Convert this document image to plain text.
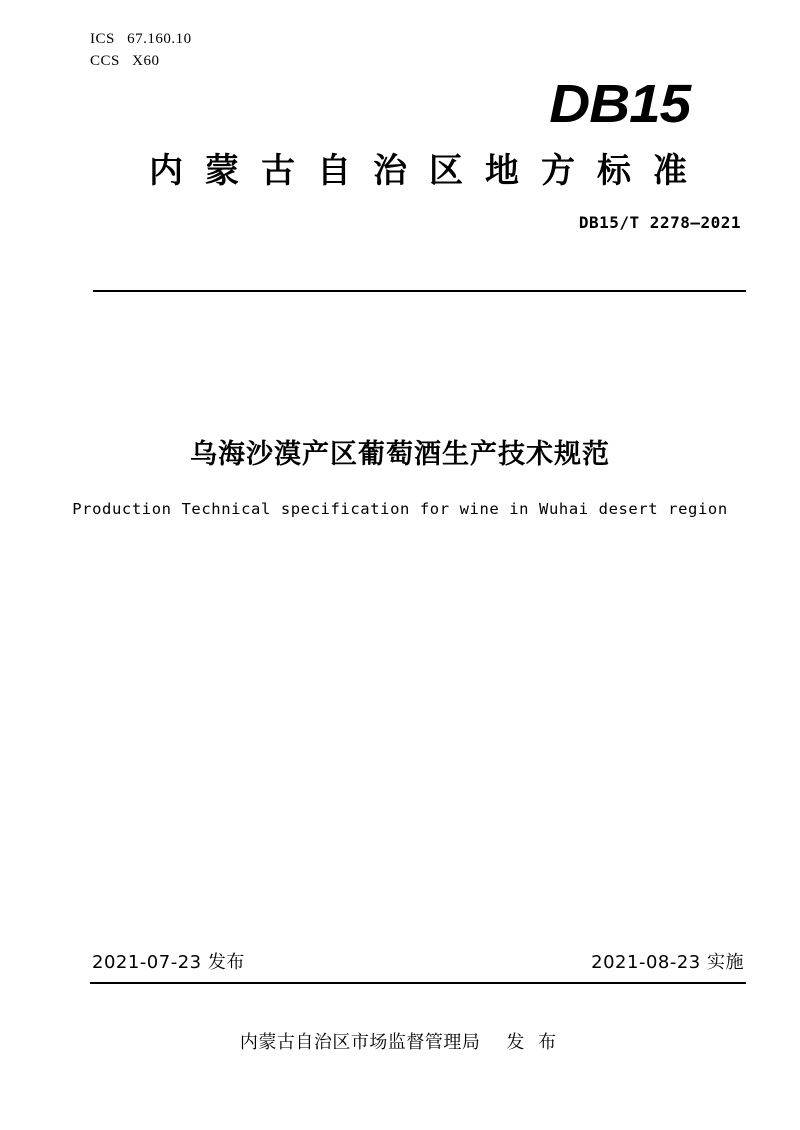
ICS 67.160.10
CCS X60
DB15
内蒙古自治区地方标准
DB15/T 2278—2021
乌海沙漠产区葡萄酒生产技术规范
Production Technical specification for wine in Wuhai desert region
2021-07-23 发布	2021-08-23 实施
内蒙古自治区市场监督管理局 发 布
